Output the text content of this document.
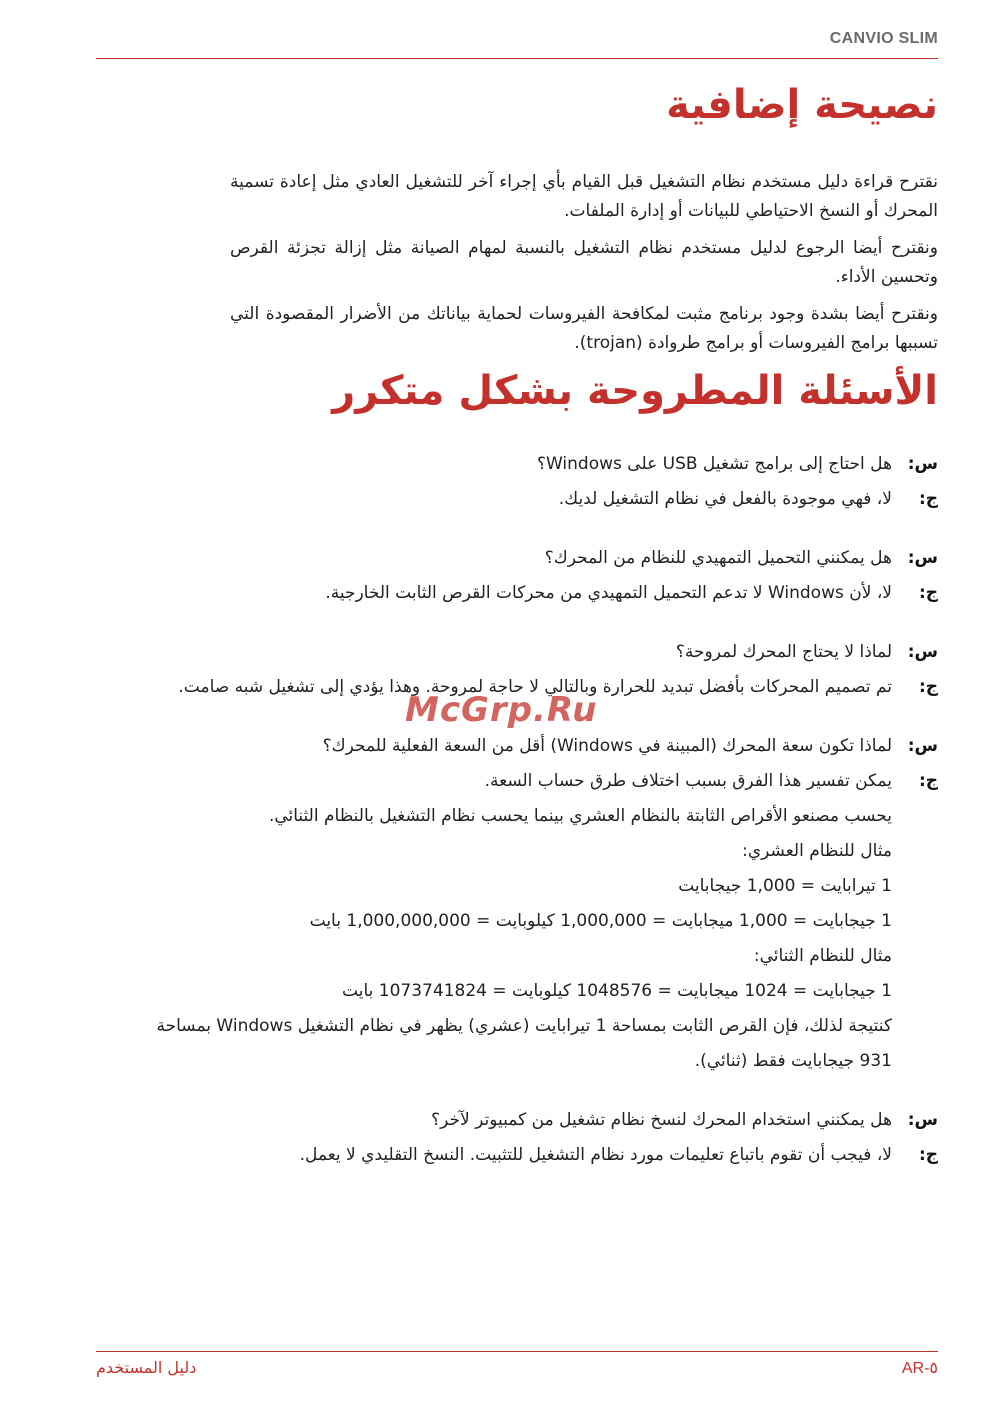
CANVIO SLIM
نصيحة إضافية

نقترح قراءة دليل مستخدم نظام التشغيل قبل القيام بأي إجراء آخر للتشغيل العادي مثل إعادة تسمية المحرك أو النسخ الاحتياطي للبيانات أو إدارة الملفات.

ونقترح أيضا الرجوع لدليل مستخدم نظام التشغيل بالنسبة لمهام الصيانة مثل إزالة تجزئة القرص وتحسين الأداء.

ونقترح أيضا بشدة وجود برنامج مثبت لمكافحة الفيروسات لحماية بياناتك من الأضرار المقصودة التي تسببها برامج الفيروسات أو برامج طروادة (trojan).

الأسئلة المطروحة بشكل متكرر
س:
هل احتاج إلى برامج تشغيل USB على Windows؟
ج:
لا، فهي موجودة بالفعل في نظام التشغيل لديك.
س:
هل يمكنني التحميل التمهيدي للنظام من المحرك؟
ج:
لا، لأن Windows لا تدعم التحميل التمهيدي من محركات القرص الثابت الخارجية.
س:
لماذا لا يحتاج المحرك لمروحة؟
ج:
تم تصميم المحركات بأفضل تبديد للحرارة وبالتالي لا حاجة لمروحة. وهذا يؤدي إلى تشغيل شبه صامت.
س:
لماذا تكون سعة المحرك (المبينة في Windows) أقل من السعة الفعلية للمحرك؟
ج:
يمكن تفسير هذا الفرق بسبب اختلاف طرق حساب السعة.

يحسب مصنعو الأقراص الثابتة بالنظام العشري بينما يحسب نظام التشغيل بالنظام الثنائي.

مثال للنظام العشري:

1 تيرابايت = 1,000 جيجابايت

1 جيجابايت = 1,000 ميجابايت = 1,000,000 كيلوبايت = 1,000,000,000 بايت

مثال للنظام الثنائي:

1 جيجابايت = 1024 ميجابايت = 1048576 كيلوبايت = 1073741824 بايت

كنتيجة لذلك، فإن القرص الثابت بمساحة 1 تيرابايت (عشري) يظهر في نظام التشغيل Windows بمساحة

931 جيجابايت فقط (ثنائي).

س:
هل يمكنني استخدام المحرك لنسخ نظام تشغيل من كمبيوتر لآخر؟
ج:
لا، فيجب أن تقوم باتباع تعليمات مورد نظام التشغيل للتثبيت. النسخ التقليدي لا يعمل.
McGrp.Ru
دليل المستخدم	AR-٥
